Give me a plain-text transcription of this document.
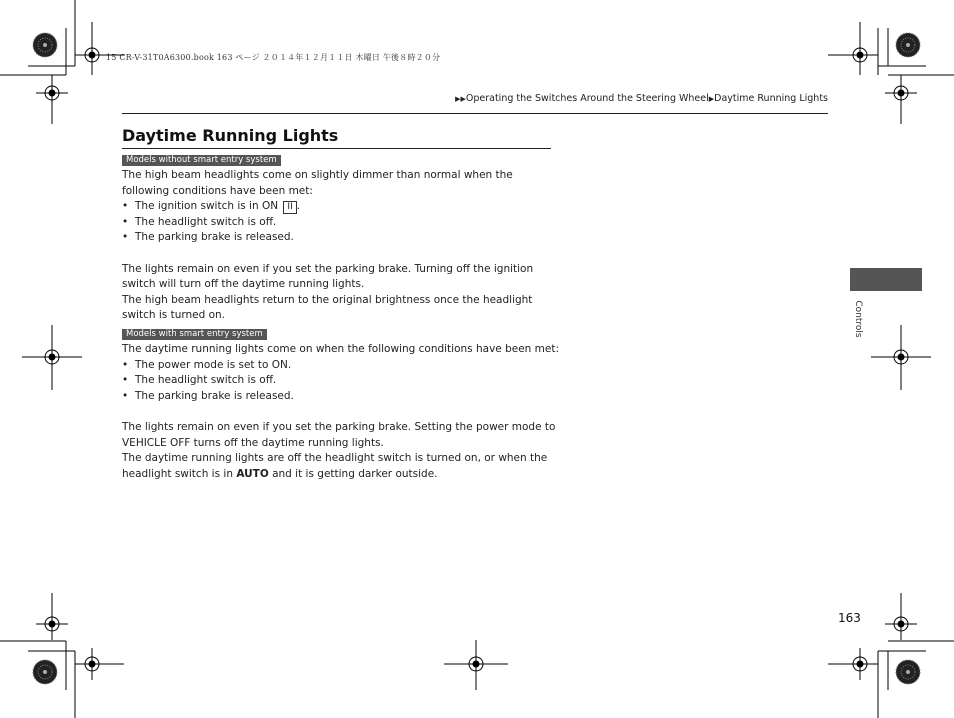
15 CR-V-31T0A6300.book 163 ページ ２０１４年１２月１１日 木曜日 午後８時２０分
▶▶Operating the Switches Around the Steering Wheel▶Daytime Running Lights
Daytime Running Lights
Models without smart entry system

The high beam headlights come on slightly dimmer than normal when the following conditions have been met:

• The ignition switch is in ON II .
• The headlight switch is off.
• The parking brake is released.

The lights remain on even if you set the parking brake. Turning off the ignition switch will turn off the daytime running lights.

The high beam headlights return to the original brightness once the headlight switch is turned on.

Models with smart entry system

The daytime running lights come on when the following conditions have been met:

• The power mode is set to ON.
• The headlight switch is off.
• The parking brake is released.

The lights remain on even if you set the parking brake. Setting the power mode to VEHICLE OFF turns off the daytime running lights.

The daytime running lights are off the headlight switch is turned on, or when the headlight switch is in AUTO and it is getting darker outside.

Controls
163
